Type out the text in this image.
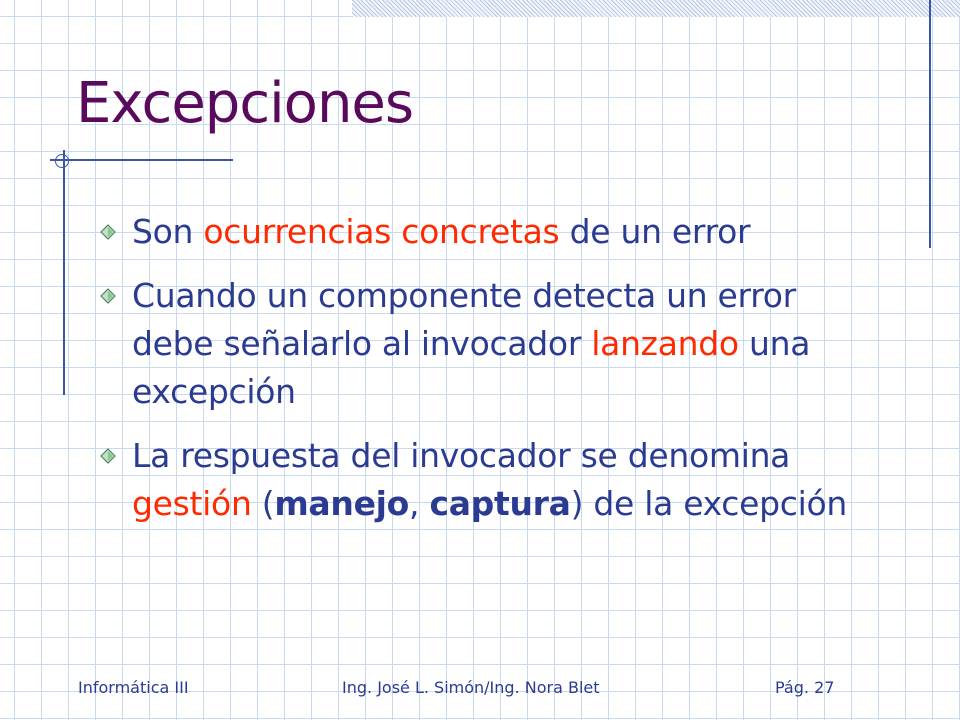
Excepciones
Son ocurrencias concretas de un error
Cuando un componente detecta un error debe señalarlo al invocador lanzando una excepción
La respuesta del invocador se denomina gestión (manejo, captura) de la excepción
Informática III	Ing. José L. Simón/Ing. Nora Blet	Pág. 27
